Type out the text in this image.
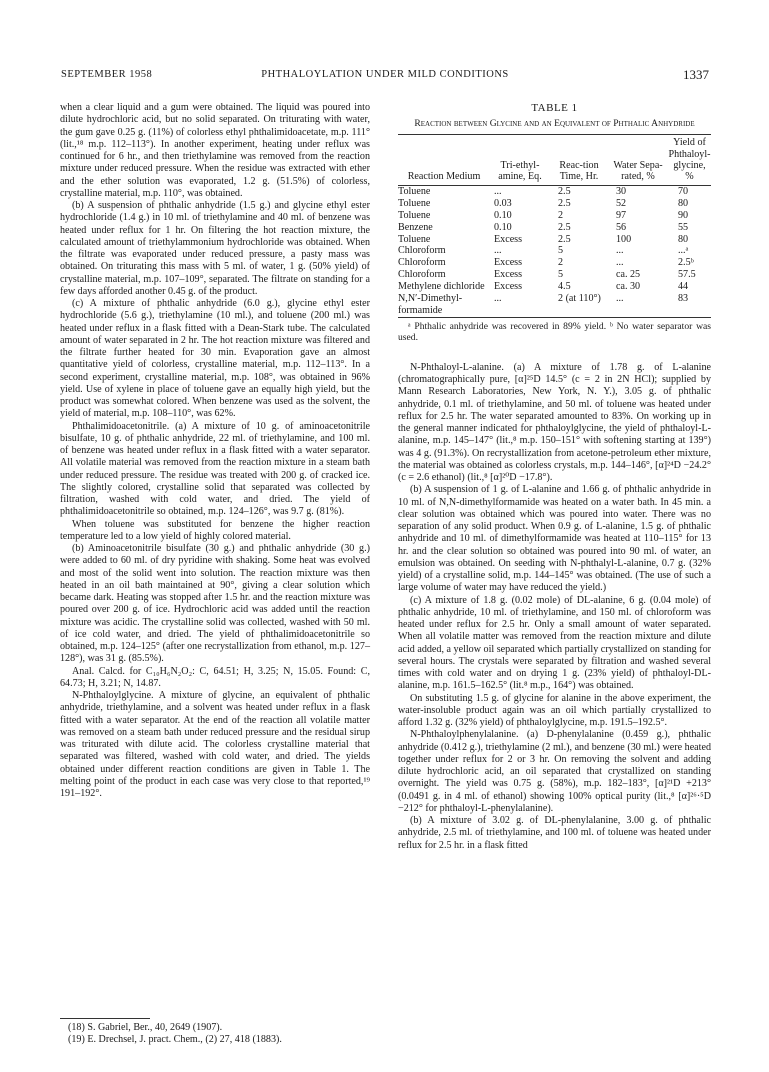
SEPTEMBER 1958	PHTHALOYLATION UNDER MILD CONDITIONS	1337

when a clear liquid and a gum were obtained. The liquid was poured into dilute hydrochloric acid, but no solid separated. On triturating with water, the gum gave 0.25 g. (11%) of colorless ethyl phthalimidoacetate, m.p. 111° (lit.,¹⁸ m.p. 112–113°). In another experiment, heating under reflux was continued for 6 hr., and then triethylamine was removed from the reaction mixture under reduced pressure. When the residue was extracted with ether and the ether solution was evaporated, 1.2 g. (51.5%) of colorless, crystalline material, m.p. 110°, was obtained.

(b) A suspension of phthalic anhydride (1.5 g.) and glycine ethyl ester hydrochloride (1.4 g.) in 10 ml. of triethylamine and 40 ml. of benzene was heated under reflux for 1 hr. On filtering the hot reaction mixture, the calculated amount of triethylammonium hydrochloride was obtained. When the filtrate was evaporated under reduced pressure, a pasty mass was obtained. On triturating this mass with 5 ml. of water, 1 g. (50% yield) of crystalline material, m.p. 107–109°, separated. The filtrate on standing for a few days afforded another 0.45 g. of the product.

(c) A mixture of phthalic anhydride (6.0 g.), glycine ethyl ester hydrochloride (5.6 g.), triethylamine (10 ml.), and toluene (200 ml.) was heated under reflux in a flask fitted with a Dean-Stark tube. The calculated amount of water separated in 2 hr. The hot reaction mixture was filtered and the filtrate further heated for 30 min. Evaporation gave an almost quantitative yield of colorless, crystalline material, m.p. 112–113°. In a second experiment, crystalline material, m.p. 108°, was obtained in 96% yield. Use of xylene in place of toluene gave an equally high yield, but the product was somewhat colored. When benzene was used as the solvent, the yield of material, m.p. 108–110°, was 62%.

Phthalimidoacetonitrile. (a) A mixture of 10 g. of aminoacetonitrile bisulfate, 10 g. of phthalic anhydride, 22 ml. of triethylamine, and 100 ml. of benzene was heated under reflux in a flask fitted with a water separator. All volatile material was removed from the reaction mixture in a steam bath under reduced pressure. The residue was treated with 200 g. of cracked ice. The slightly colored, crystalline solid that separated was collected by filtration, washed with cold water, and dried. The yield of phthalimidoacetonitrile so obtained, m.p. 124–126°, was 9.7 g. (81%).

When toluene was substituted for benzene the higher reaction temperature led to a low yield of highly colored material.

(b) Aminoacetonitrile bisulfate (30 g.) and phthalic anhydride (30 g.) were added to 60 ml. of dry pyridine with shaking. Some heat was evolved and most of the solid went into solution. The reaction mixture was then heated in an oil bath maintained at 90°, giving a clear solution which became dark. Heating was stopped after 1.5 hr. and the reaction mixture was poured over 200 g. of ice. Hydrochloric acid was added until the reaction mixture was acidic. The crystalline solid was collected, washed with 50 ml. of ice cold water, and dried. The yield of phthalimidoacetonitrile so obtained, m.p. 124–125° (after one recrystallization from ethanol, m.p. 127–128°), was 31 g. (85.5%).

Anal. Calcd. for C₁₀H₆N₂O₂: C, 64.51; H, 3.25; N, 15.05. Found: C, 64.73; H, 3.21; N, 14.87.

N-Phthaloylglycine. A mixture of glycine, an equivalent of phthalic anhydride, triethylamine, and a solvent was heated under reflux in a flask fitted with a water separator. At the end of the reaction all volatile matter was removed on a steam bath under reduced pressure and the residual sirup was triturated with dilute acid. The colorless crystalline material that separated was filtered, washed with cold water, and dried. The yields obtained under different reaction conditions are given in Table 1. The melting point of the product in each case was very close to that reported,¹⁹ 191–192°.

(18) S. Gabriel, Ber., 40, 2649 (1907).
(19) E. Drechsel, J. pract. Chem., (2) 27, 418 (1883).
TABLE 1
Reaction between Glycine and an Equivalent of Phthalic Anhydride
Reaction Medium	Tri-ethyl-amine, Eq.	Reac-tion Time, Hr.	Water Sepa-rated, %	Yield of Phthaloyl-glycine, %
Toluene	...	2.5	30	70
Toluene	0.03	2.5	52	80
Toluene	0.10	2	97	90
Benzene	0.10	2.5	56	55
Toluene	Excess	2.5	100	80
Chloroform	...	5	...	...ᵃ
Chloroform	Excess	2	...	2.5ᵇ
Chloroform	Excess	5	ca. 25	57.5
Methylene dichloride	Excess	4.5	ca. 30	44
N,N′-Dimethyl-formamide	...	2 (at 110°)	...	83
ᵃ Phthalic anhydride was recovered in 89% yield. ᵇ No water separator was used.

N-Phthaloyl-L-alanine. (a) A mixture of 1.78 g. of L-alanine (chromatographically pure, [α]²⁵D 14.5° (c = 2 in 2N HCl); supplied by Mann Research Laboratories, New York, N. Y.), 3.05 g. of phthalic anhydride, 0.1 ml. of triethylamine, and 50 ml. of toluene was heated under reflux for 2.5 hr. The water separated amounted to 83%. On working up in the general manner indicated for phthaloylglycine, the yield of phthaloyl-L-alanine, m.p. 145–147° (lit.,⁸ m.p. 150–151° with softening starting at 139°) was 4 g. (91.3%). On recrystallization from acetone-petroleum ether mixture, the material was obtained as colorless crystals, m.p. 144–146°, [α]²⁴D −24.2° (c = 2.6 ethanol) (lit.,⁸ [α]²⁰D −17.8°).

(b) A suspension of 1 g. of L-alanine and 1.66 g. of phthalic anhydride in 10 ml. of N,N-dimethylformamide was heated on a water bath. In 45 min. a clear solution was obtained which was poured into water. There was no separation of any solid product. When 0.9 g. of L-alanine, 1.5 g. of phthalic anhydride and 10 ml. of dimethylformamide was heated at 110–115° for 13 hr. and the clear solution so obtained was poured into 90 ml. of water, an emulsion was obtained. On seeding with N-phthalyl-L-alanine, 0.7 g. (32% yield) of a crystalline solid, m.p. 144–145° was obtained. (The use of such a large volume of water may have reduced the yield.)

(c) A mixture of 1.8 g. (0.02 mole) of DL-alanine, 6 g. (0.04 mole) of phthalic anhydride, 10 ml. of triethylamine, and 150 ml. of chloroform was heated under reflux for 2.5 hr. Only a small amount of water separated. When all volatile matter was removed from the reaction mixture and dilute acid added, a yellow oil separated which partially crystallized on standing for several hours. The crystals were separated by filtration and washed several times with cold water and on drying 1 g. (23% yield) of phthaloyl-DL-alanine, m.p. 161.5–162.5° (lit.⁸ m.p., 164°) was obtained.

On substituting 1.5 g. of glycine for alanine in the above experiment, the water-insoluble product again was an oil which partially crystallized to afford 1.32 g. (32% yield) of phthaloylglycine, m.p. 191.5–192.5°.

N-Phthaloylphenylalanine. (a) D-phenylalanine (0.459 g.), phthalic anhydride (0.412 g.), triethylamine (2 ml.), and benzene (30 ml.) were heated together under reflux for 2 or 3 hr. On removing the solvent and adding dilute hydrochloric acid, an oil separated that crystallized on standing overnight. The yield was 0.75 g. (58%), m.p. 182–183°, [α]²¹D +213° (0.0491 g. in 4 ml. of ethanol) showing 100% optical purity (lit.,⁸ [α]²⁶·⁵D −212° for phthaloyl-L-phenylalanine).

(b) A mixture of 3.02 g. of DL-phenylalanine, 3.00 g. of phthalic anhydride, 2.5 ml. of triethylamine, and 100 ml. of toluene was heated under reflux for 2.5 hr. in a flask fitted
